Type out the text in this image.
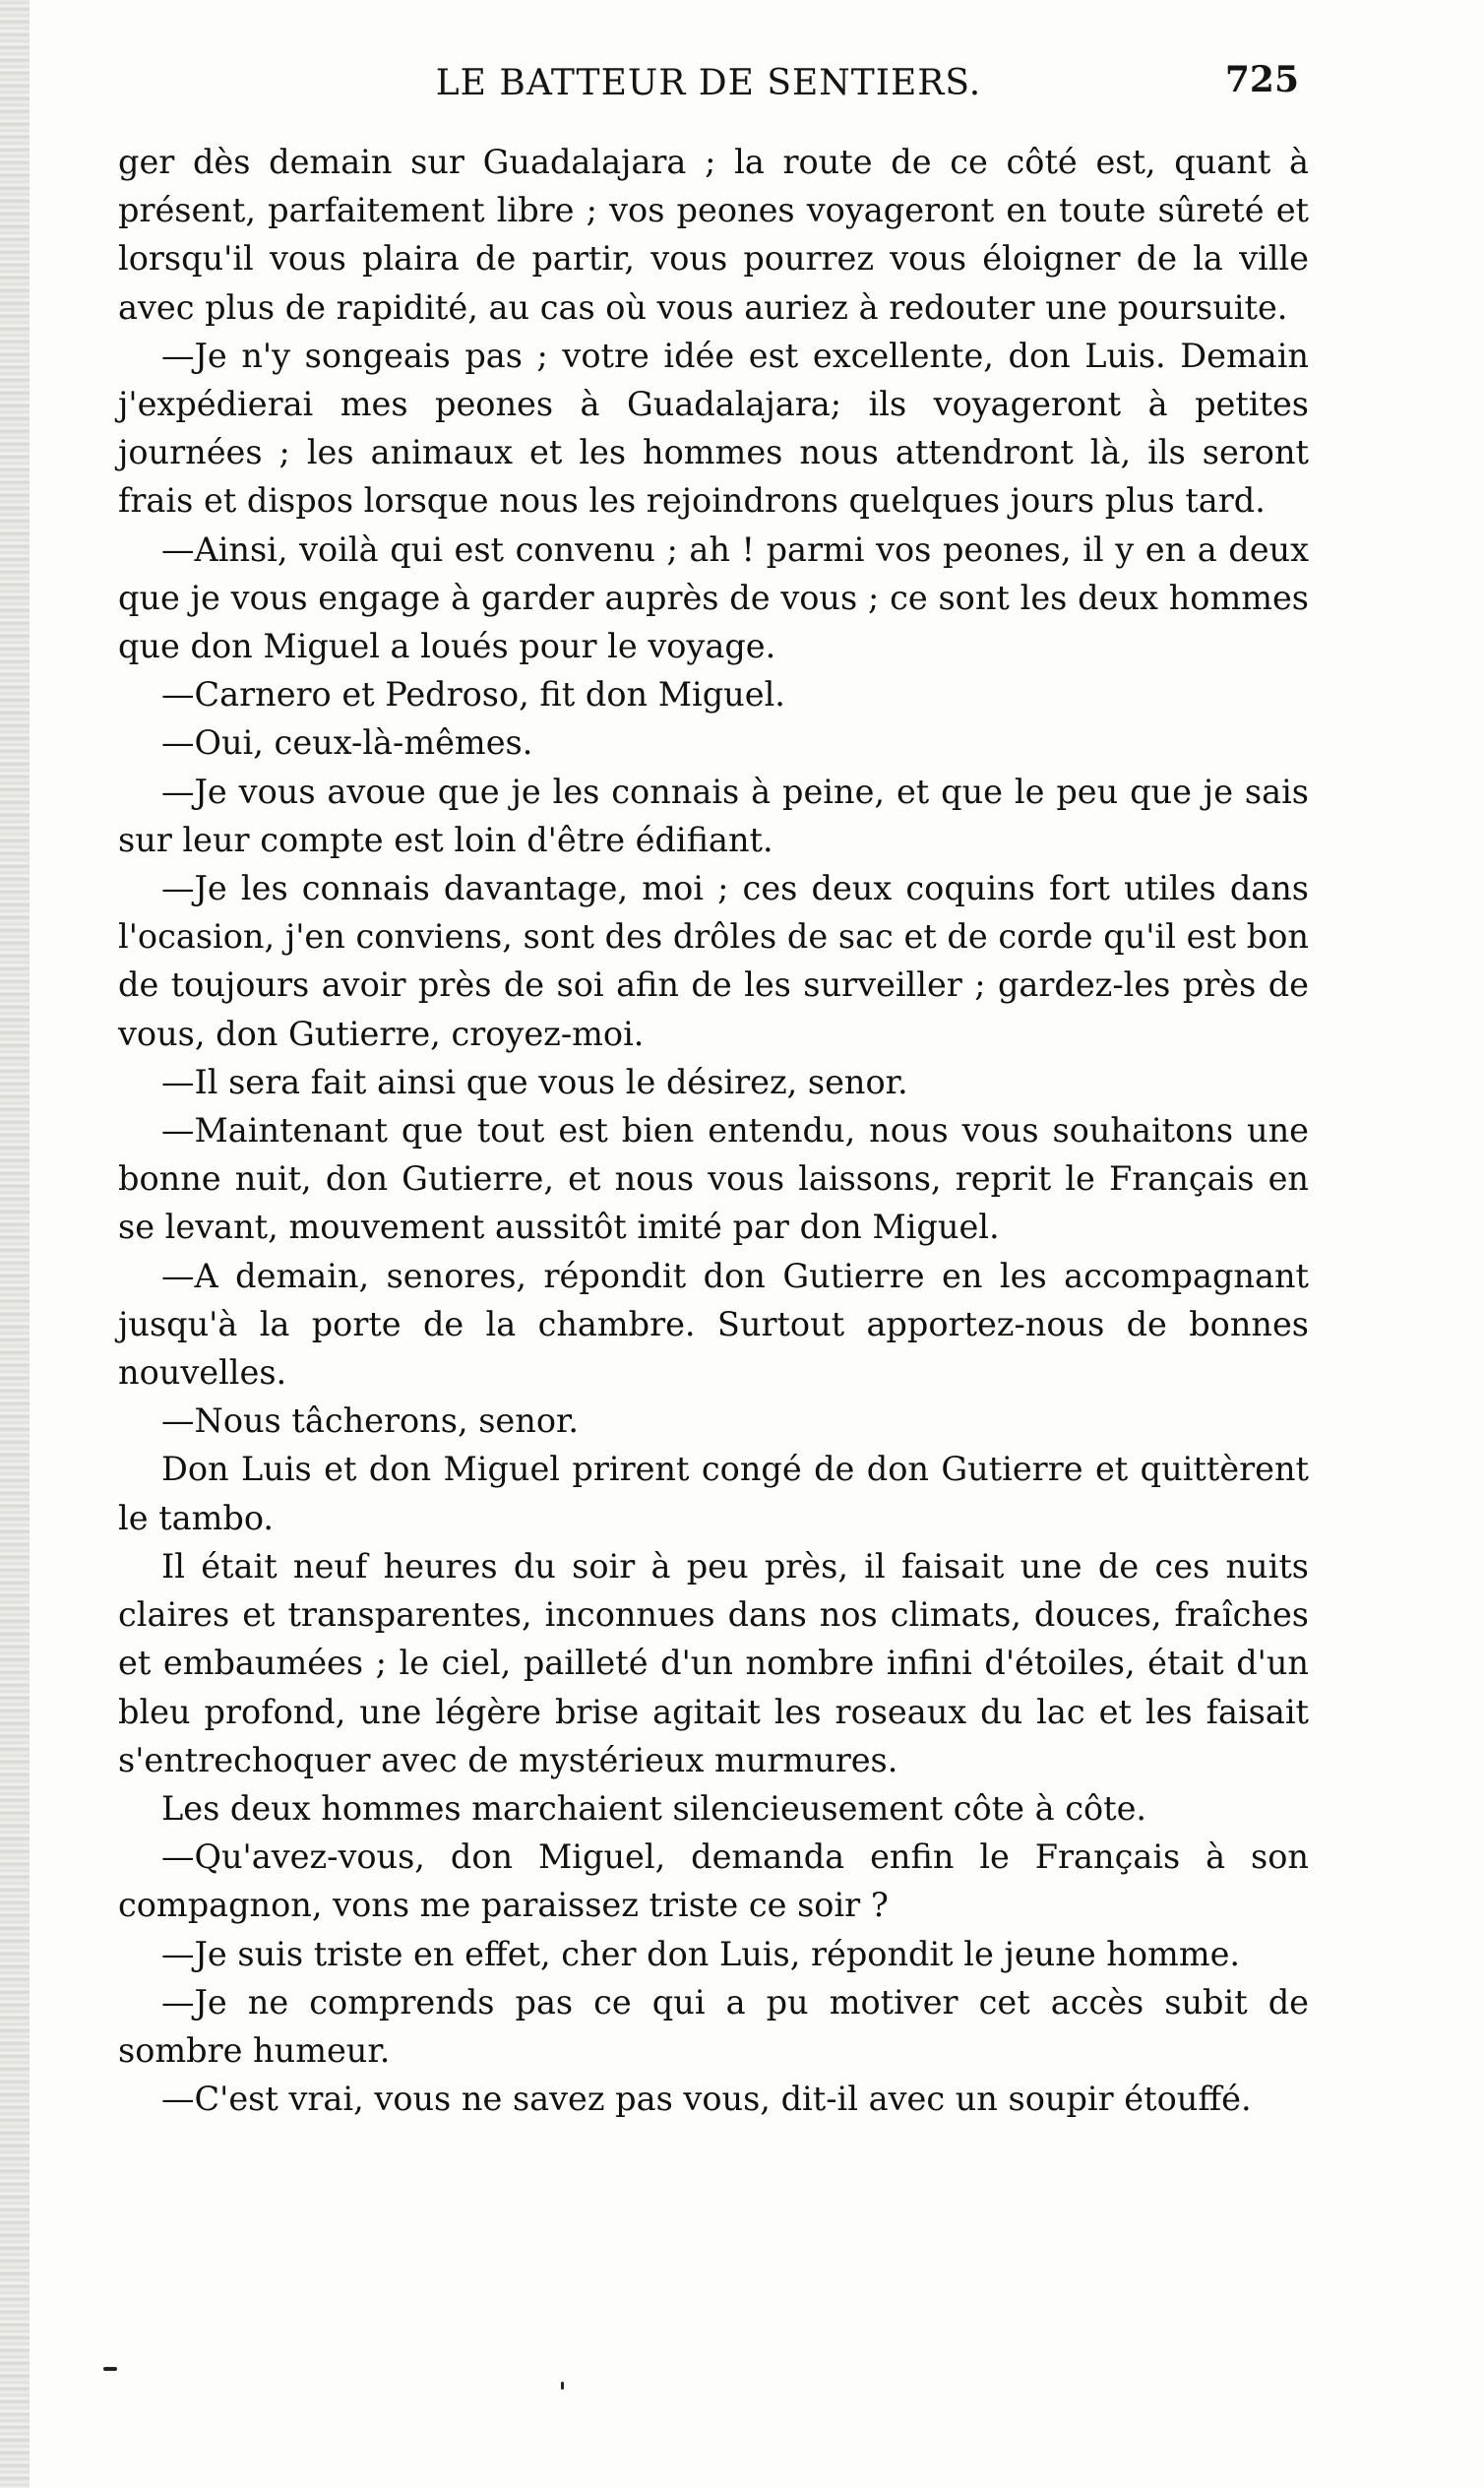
LE BATTEUR DE SENTIERS.	725

ger dès demain sur Guadalajara ; la route de ce côté est, quant à présent, parfaitement libre ; vos peones voyageront en toute sûreté et lorsqu'il vous plaira de partir, vous pourrez vous éloigner de la ville avec plus de rapidité, au cas où vous auriez à redouter une poursuite.

—Je n'y songeais pas ; votre idée est excellente, don Luis. Demain j'expédierai mes peones à Guadalajara; ils voyageront à petites journées ; les animaux et les hommes nous attendront là, ils seront frais et dispos lorsque nous les rejoindrons quelques jours plus tard.

—Ainsi, voilà qui est convenu ; ah ! parmi vos peones, il y en a deux que je vous engage à garder auprès de vous ; ce sont les deux hommes que don Miguel a loués pour le voyage.

—Carnero et Pedroso, fit don Miguel.

—Oui, ceux-là-mêmes.

—Je vous avoue que je les connais à peine, et que le peu que je sais sur leur compte est loin d'être édifiant.

—Je les connais davantage, moi ; ces deux coquins fort utiles dans l'ocasion, j'en conviens, sont des drôles de sac et de corde qu'il est bon de toujours avoir près de soi afin de les surveiller ; gardez-les près de vous, don Gutierre, croyez-moi.

—Il sera fait ainsi que vous le désirez, senor.

—Maintenant que tout est bien entendu, nous vous souhaitons une bonne nuit, don Gutierre, et nous vous laissons, reprit le Français en se levant, mouvement aussitôt imité par don Miguel.

—A demain, senores, répondit don Gutierre en les accompagnant jusqu'à la porte de la chambre. Surtout apportez-nous de bonnes nouvelles.

—Nous tâcherons, senor.

Don Luis et don Miguel prirent congé de don Gutierre et quittèrent le tambo.

Il était neuf heures du soir à peu près, il faisait une de ces nuits claires et transparentes, inconnues dans nos climats, douces, fraîches et embaumées ; le ciel, pailleté d'un nombre infini d'étoiles, était d'un bleu profond, une légère brise agitait les roseaux du lac et les faisait s'entrechoquer avec de mystérieux murmures.

Les deux hommes marchaient silencieusement côte à côte.

—Qu'avez-vous, don Miguel, demanda enfin le Français à son compagnon, vons me paraissez triste ce soir ?

—Je suis triste en effet, cher don Luis, répondit le jeune homme.

—Je ne comprends pas ce qui a pu motiver cet accès subit de sombre humeur.

—C'est vrai, vous ne savez pas vous, dit-il avec un soupir étouffé.
